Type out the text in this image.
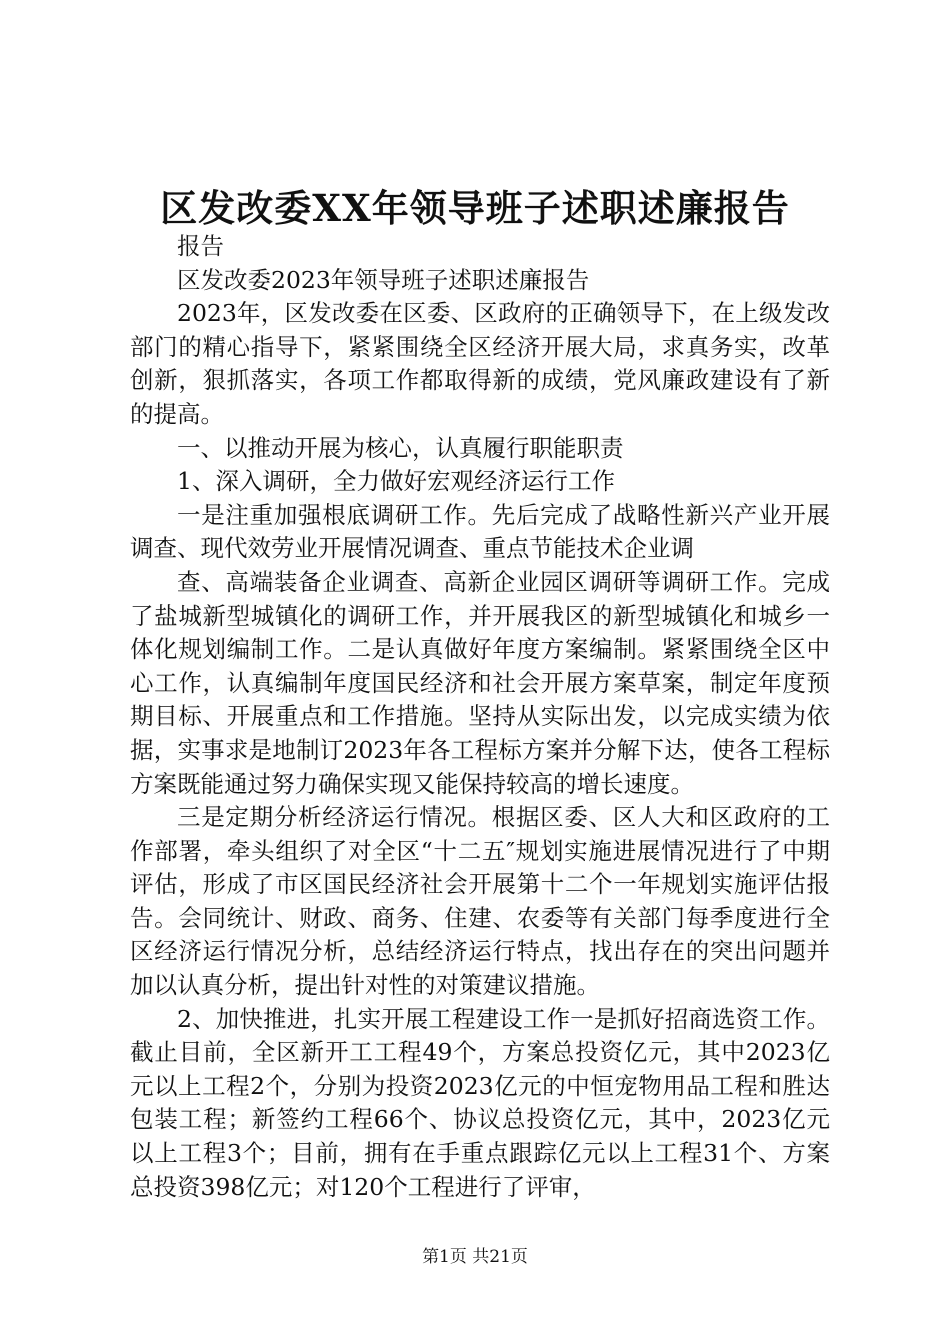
区发改委XX年领导班子述职述廉报告

报告

区发改委2023年领导班子述职述廉报告

2023年，区发改委在区委、区政府的正确领导下，在上级发改部门的精心指导下，紧紧围绕全区经济开展大局，求真务实，改革创新，狠抓落实，各项工作都取得新的成绩，党风廉政建设有了新的提高。

一、以推动开展为核心，认真履行职能职责

1、深入调研，全力做好宏观经济运行工作

一是注重加强根底调研工作。先后完成了战略性新兴产业开展调查、现代效劳业开展情况调查、重点节能技术企业调

查、高端装备企业调查、高新企业园区调研等调研工作。完成了盐城新型城镇化的调研工作，并开展我区的新型城镇化和城乡一体化规划编制工作。二是认真做好年度方案编制。紧紧围绕全区中心工作，认真编制年度国民经济和社会开展方案草案，制定年度预期目标、开展重点和工作措施。坚持从实际出发，以完成实绩为依据，实事求是地制订2023年各工程标方案并分解下达，使各工程标方案既能通过努力确保实现又能保持较高的增长速度。

三是定期分析经济运行情况。根据区委、区人大和区政府的工作部署，牵头组织了对全区“十二五″规划实施进展情况进行了中期评估，形成了市区国民经济社会开展第十二个一年规划实施评估报告。会同统计、财政、商务、住建、农委等有关部门每季度进行全区经济运行情况分析，总结经济运行特点，找出存在的突出问题并加以认真分析，提出针对性的对策建议措施。

2、加快推进，扎实开展工程建设工作一是抓好招商选资工作。截止目前，全区新开工工程49个，方案总投资亿元，其中2023亿元以上工程2个，分别为投资2023亿元的中恒宠物用品工程和胜达包装工程；新签约工程66个、协议总投资亿元，其中，2023亿元以上工程3个；目前，拥有在手重点跟踪亿元以上工程31个、方案总投资398亿元；对120个工程进行了评审，

第1页 共21页
